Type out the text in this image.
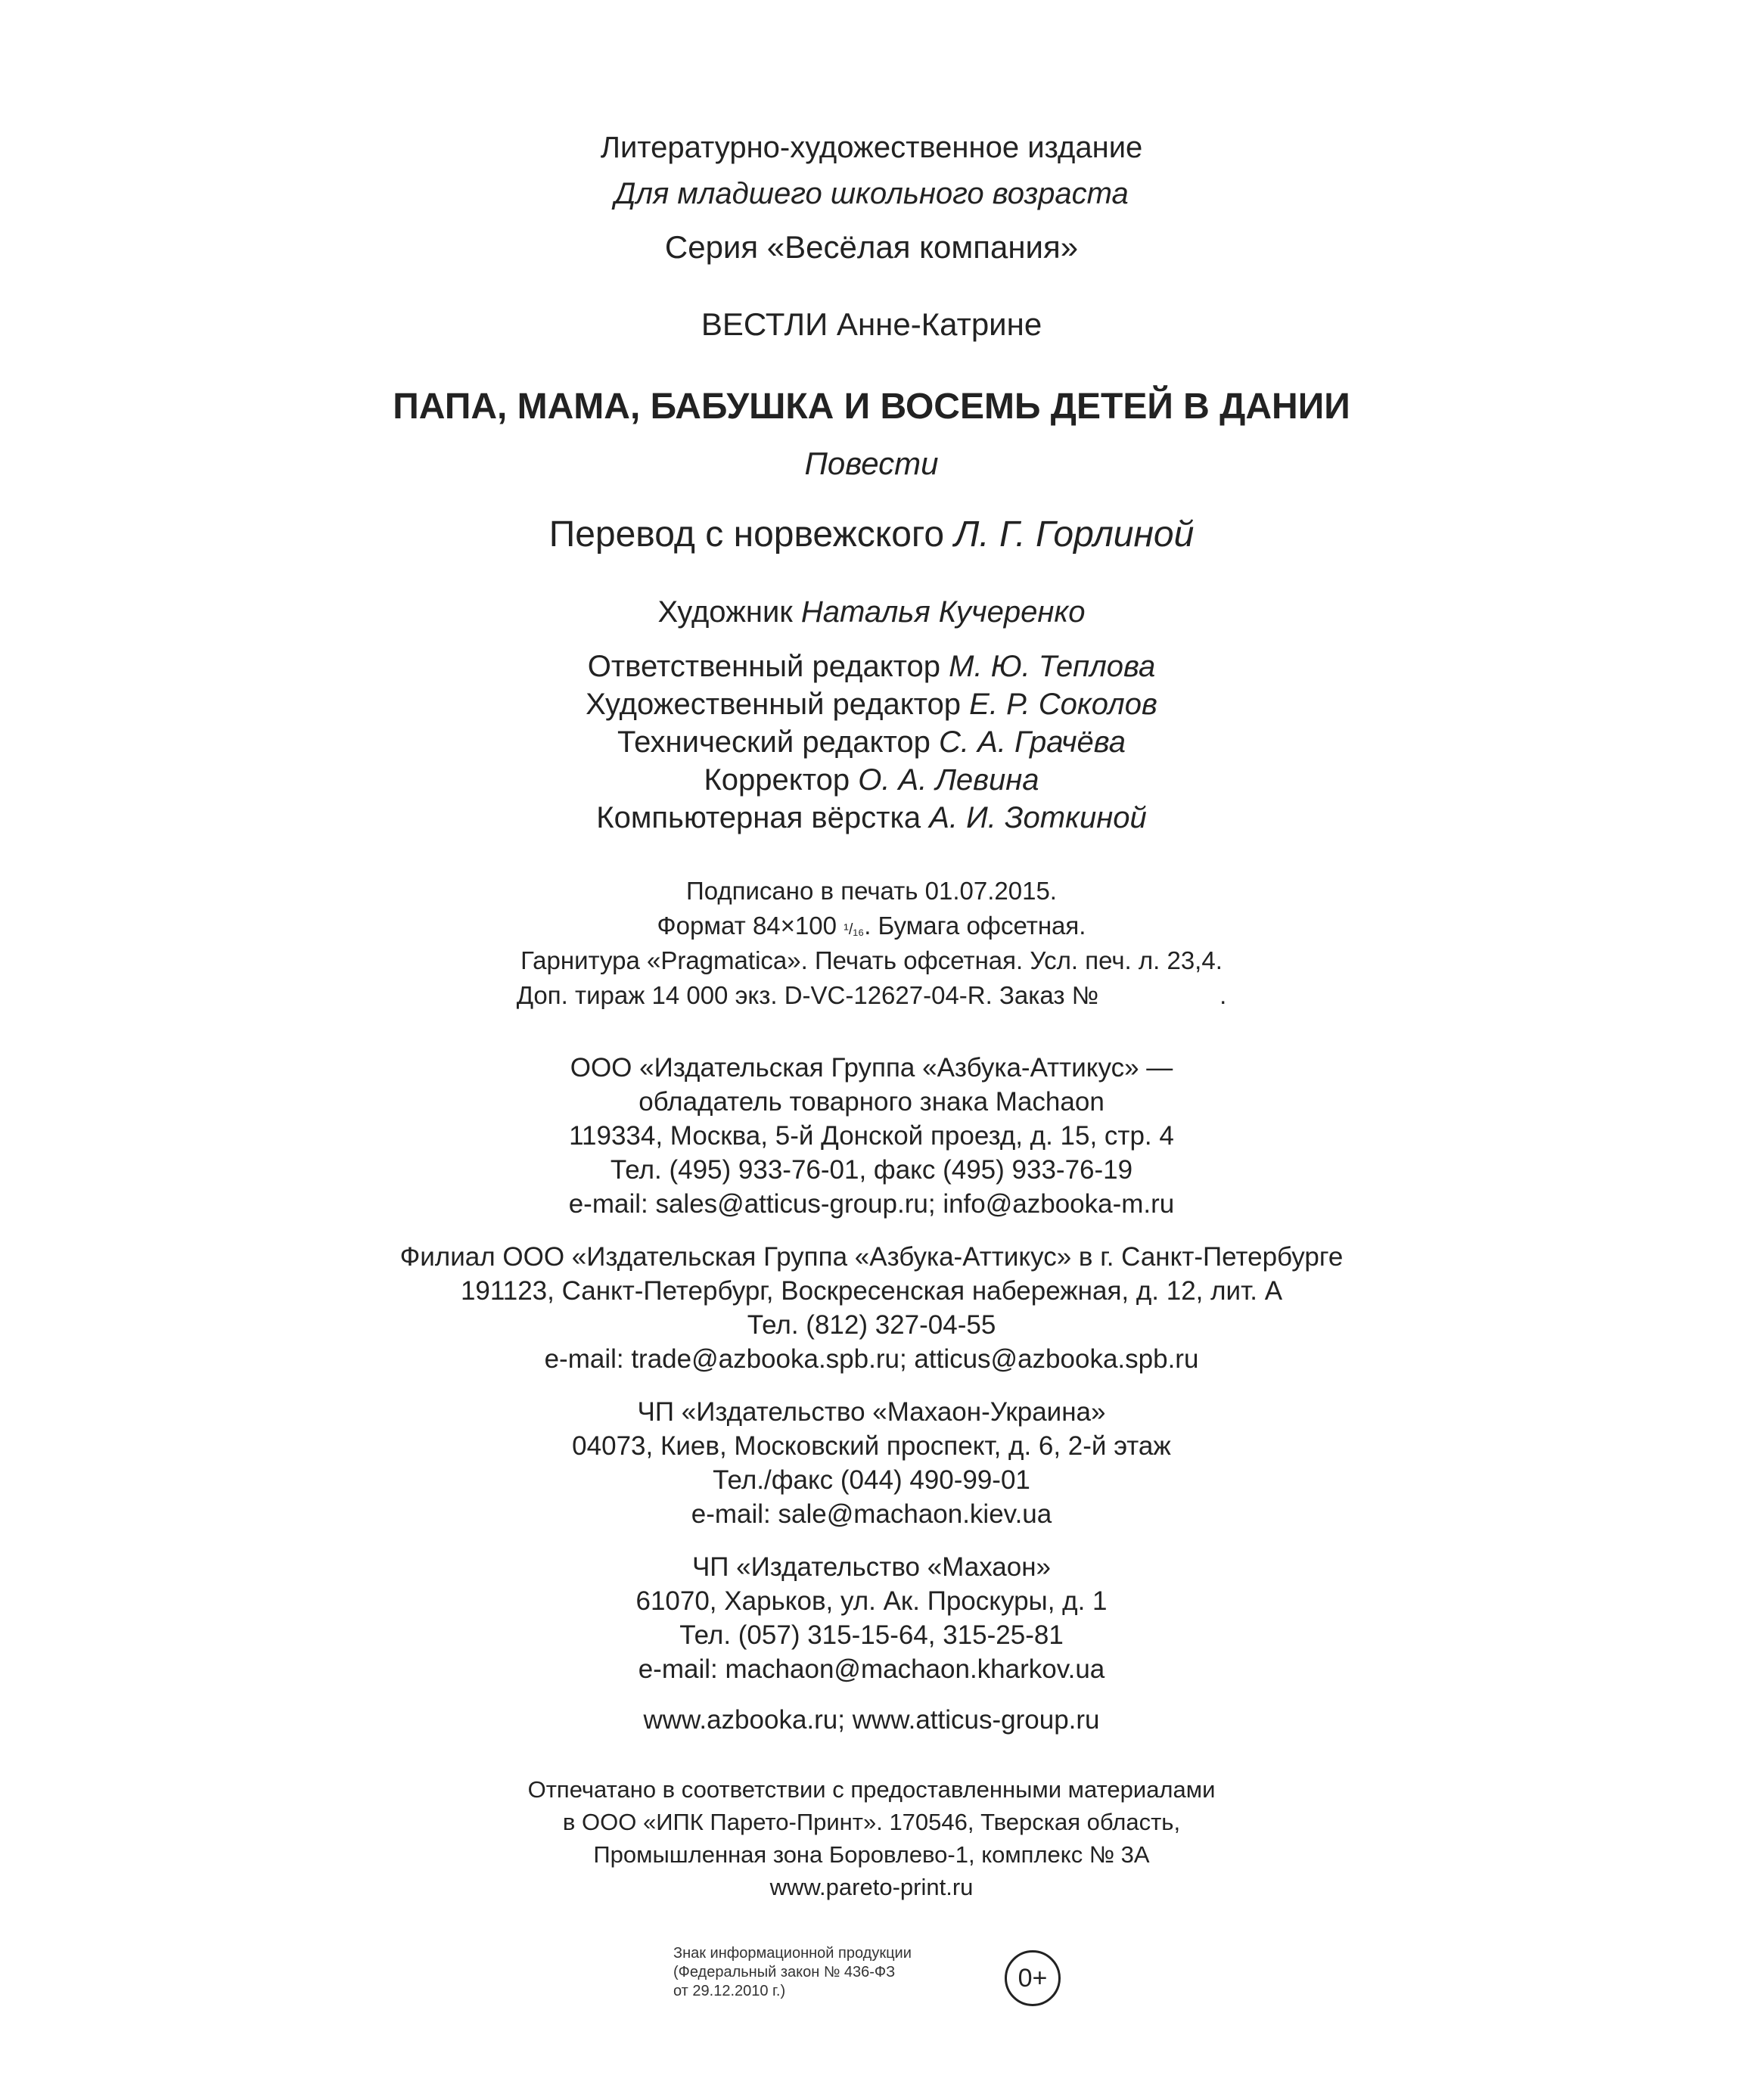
Литературно-художественное издание
Для младшего школьного возраста
Серия «Весёлая компания»
ВЕСТЛИ Анне-Катрине
ПАПА, МАМА, БАБУШКА И ВОСЕМЬ ДЕТЕЙ В ДАНИИ
Повести
Перевод с норвежского Л. Г. Горлиной
Художник Наталья Кучеренко
Ответственный редактор М. Ю. Теплова
Художественный редактор Е. Р. Соколов
Технический редактор С. А. Грачёва
Корректор О. А. Левина
Компьютерная вёрстка А. И. Зоткиной
Подписано в печать 01.07.2015.
Формат 84×100 ¹/₁₆. Бумага офсетная.
Гарнитура «Pragmatica». Печать офсетная. Усл. печ. л. 23,4.
Доп. тираж 14 000 экз. D-VC-12627-04-R. Заказ №	.
ООО «Издательская Группа «Азбука-Аттикус» —
обладатель товарного знака Machaon
119334, Москва, 5-й Донской проезд, д. 15, стр. 4
Тел. (495) 933-76-01, факс (495) 933-76-19
e-mail: sales@atticus-group.ru; info@azbooka-m.ru
Филиал ООО «Издательская Группа «Азбука-Аттикус» в г. Санкт-Петербурге
191123, Санкт-Петербург, Воскресенская набережная, д. 12, лит. А
Тел. (812) 327-04-55
e-mail: trade@azbooka.spb.ru; atticus@azbooka.spb.ru
ЧП «Издательство «Махаон-Украина»
04073, Киев, Московский проспект, д. 6, 2-й этаж
Тел./факс (044) 490-99-01
e-mail: sale@machaon.kiev.ua
ЧП «Издательство «Махаон»
61070, Харьков, ул. Ак. Проскуры, д. 1
Тел. (057) 315-15-64, 315-25-81
e-mail: machaon@machaon.kharkov.ua
www.azbooka.ru; www.atticus-group.ru
Отпечатано в соответствии с предоставленными материалами
в ООО «ИПК Парето-Принт». 170546, Тверская область,
Промышленная зона Боровлево-1, комплекс № 3А
www.pareto-print.ru
Знак информационной продукции
(Федеральный закон № 436-ФЗ
от 29.12.2010 г.)	0+
